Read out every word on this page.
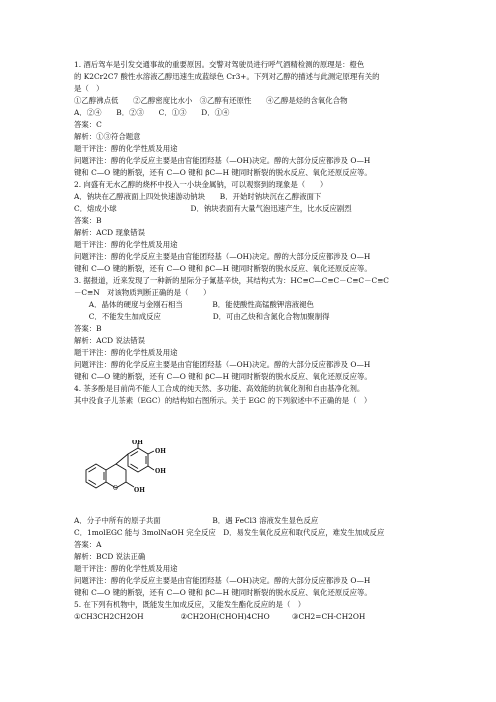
1. 酒后驾车是引发交通事故的重要原因。交警对驾驶员进行呼气酒精检测的原理是：橙色
的 K2Cr2C7 酸性水溶液乙醇迅速生成蓝绿色 Cr3+。下列对乙醇的描述与此测定原理有关的
是（　）
①乙醇沸点低　　②乙醇密度比水小　③乙醇有还原性　　④乙醇是烃的含氧化合物
A．②④　　B．②③　　C．①③　　D．①④
答案：C
解析：①③符合题意
题干评注：醇的化学性质及用途
问题评注：醇的化学反应主要是由官能团羟基（—OH)决定。醇的大部分反应都涉及 O—H
键和 C—O 键的断裂，还有 C—O 键和 βC—H 键同时断裂的脱水反应、氧化还原反应等。
2. 向盛有无水乙醇的烧杯中投入一小块金属钠，可以观察到的现象是（　　）
A．钠块在乙醇液面上四处快速游动钠块　　B．开始时钠块沉在乙醇液面下
C．熔成小球　　　　　　　　　　D．钠块表面有大量气泡迅速产生，比水反应剧烈
答案：B
解析：ACD 现象错误
题干评注：醇的化学性质及用途
问题评注：醇的化学反应主要是由官能团羟基（—OH)决定。醇的大部分反应都涉及 O—H
键和 C—O 键的断裂，还有 C—O 键和 βC—H 键同时断裂的脱水反应、氧化还原反应等。
3. 据报道，近来发现了一种新的星际分子氰基辛炔，其结构式为：HC≡C—C≡C－C≡C－C≡C
－C≡N　对该物质判断正确的是（　　）
　　A．晶体的硬度与金刚石相当　　　　B．能使酸性高锰酸钾溶液褪色
　　C．不能发生加成反应　　　　　　　D．可由乙炔和含氮化合物加聚制得
答案：B
解析：ACD 说法错误
题干评注：醇的化学性质及用途
问题评注：醇的化学反应主要是由官能团羟基（—OH)决定。醇的大部分反应都涉及 O—H
键和 C—O 键的断裂，还有 C—O 键和 βC—H 键同时断裂的脱水反应、氧化还原反应等。
4. 茶多酚是目前尚不能人工合成的纯天然、多功能、高效能的抗氧化剂和自由基净化剂。
其中没食子儿茶素（EGC）的结构如右图所示。关于 EGC 的下列叙述中不正确的是（　）
O
OH
OH
OH
OH
A．分子中所有的原子共面　　　　　　　B．遇 FeCl3 溶液发生显色反应
C．1molEGC 能与 3molNaOH 完全反应　D．易发生氧化反应和取代反应，难发生加成反应
答案：A
解析：BCD 说法正确
题干评注：醇的化学性质及用途
问题评注：醇的化学反应主要是由官能团羟基（—OH)决定。醇的大部分反应都涉及 O—H
键和 C—O 键的断裂，还有 C—O 键和 βC—H 键同时断裂的脱水反应、氧化还原反应等。
5. 在下列有机物中，既能发生加成反应，又能发生酯化反应的是（　）
①CH3CH2CH2OH　　　　　②CH2OH(CHOH)4CHO　　　③CH2=CH-CH2OH
